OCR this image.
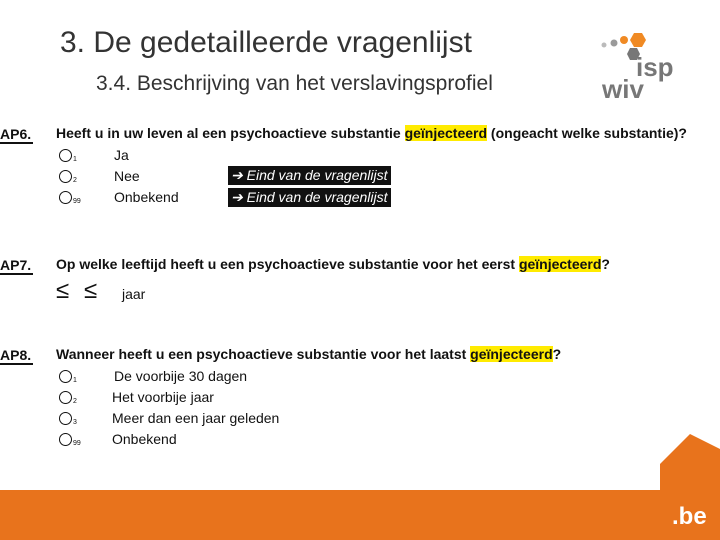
3. De gedetailleerde vragenlijst
3.4. Beschrijving van het verslavingsprofiel
isp
wiv
AP6. Heeft u in uw leven al een psychoactieve substantie geïnjecteerd (ongeacht welke substantie)?
1	Ja
2	Nee	➔ Eind van de vragenlijst
99 Onbekend	➔ Eind van de vragenlijst
AP7. Op welke leeftijd heeft u een psychoactieve substantie voor het eerst geïnjecteerd?
≤ ≤ jaar
AP8. Wanneer heeft u een psychoactieve substantie voor het laatst geïnjecteerd?
1	De voorbije 30 dagen
2	Het voorbije jaar
3	Meer dan een jaar geleden
99 Onbekend
.be
